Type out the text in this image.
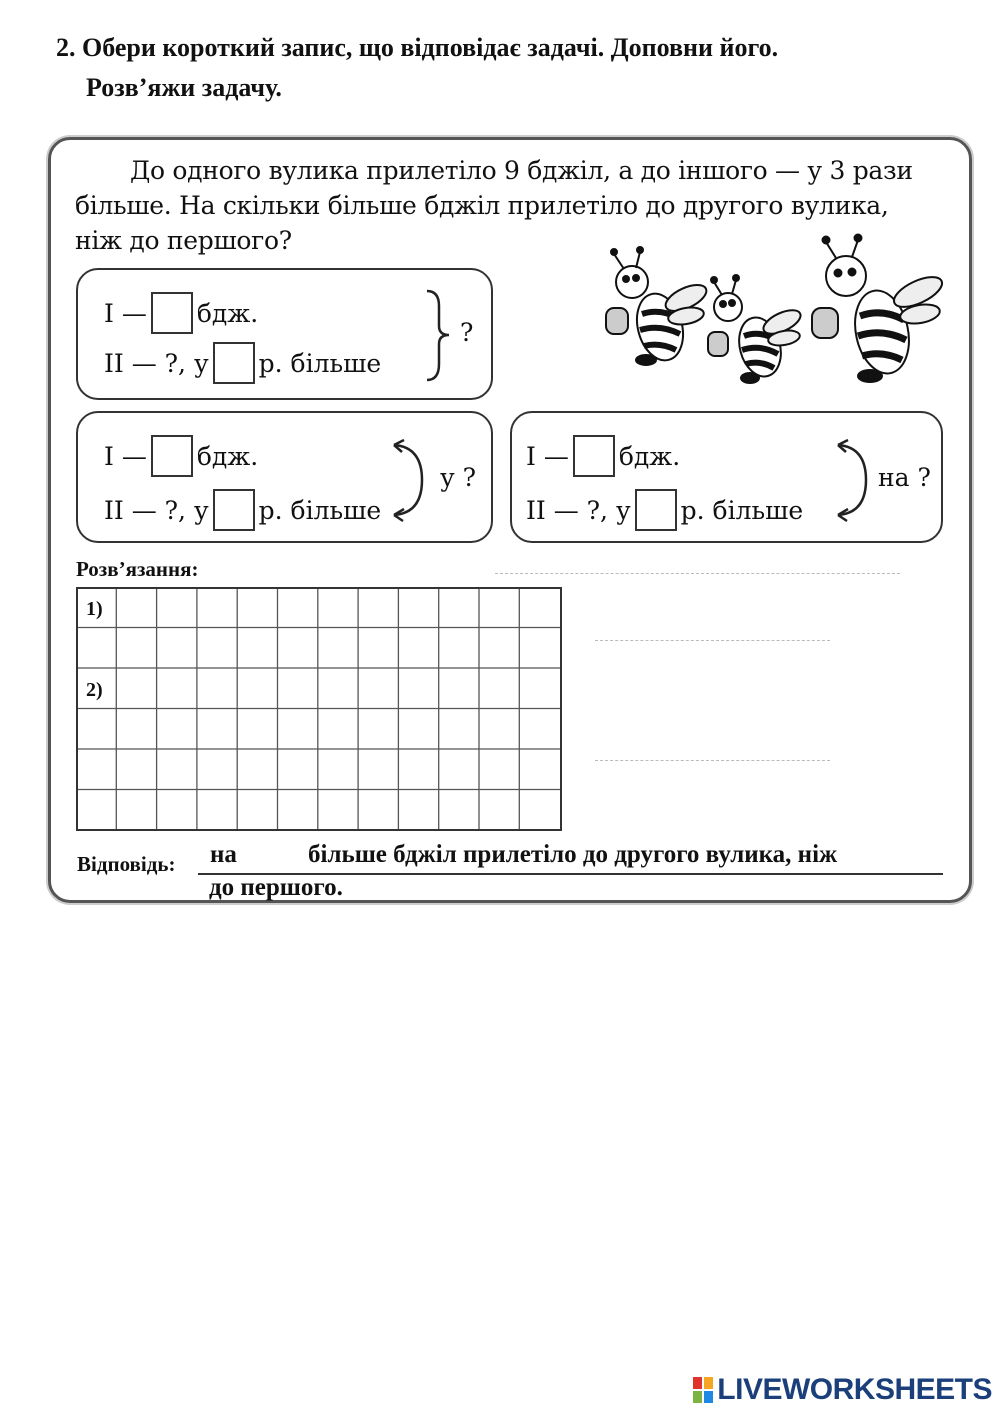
2. Обери короткий запис, що відповідає задачі. Доповни його.
Розв’яжи задачу.
До одного вулика прилетіло 9 бджіл, а до іншого — у 3 рази
більше. На скільки більше бджіл прилетіло до другого вулика,
ніж до першого?
I — бдж.
II — ?, у р. більше
?
I — бдж.
II — ?, у р. більше
у ?
I — бдж.
II — ?, у р. більше
на ?
Розв’язання:
1)
2)
Відповідь: на	більше бджіл прилетіло до другого вулика, ніж
до першого.
LIVEWORKSHEETS
